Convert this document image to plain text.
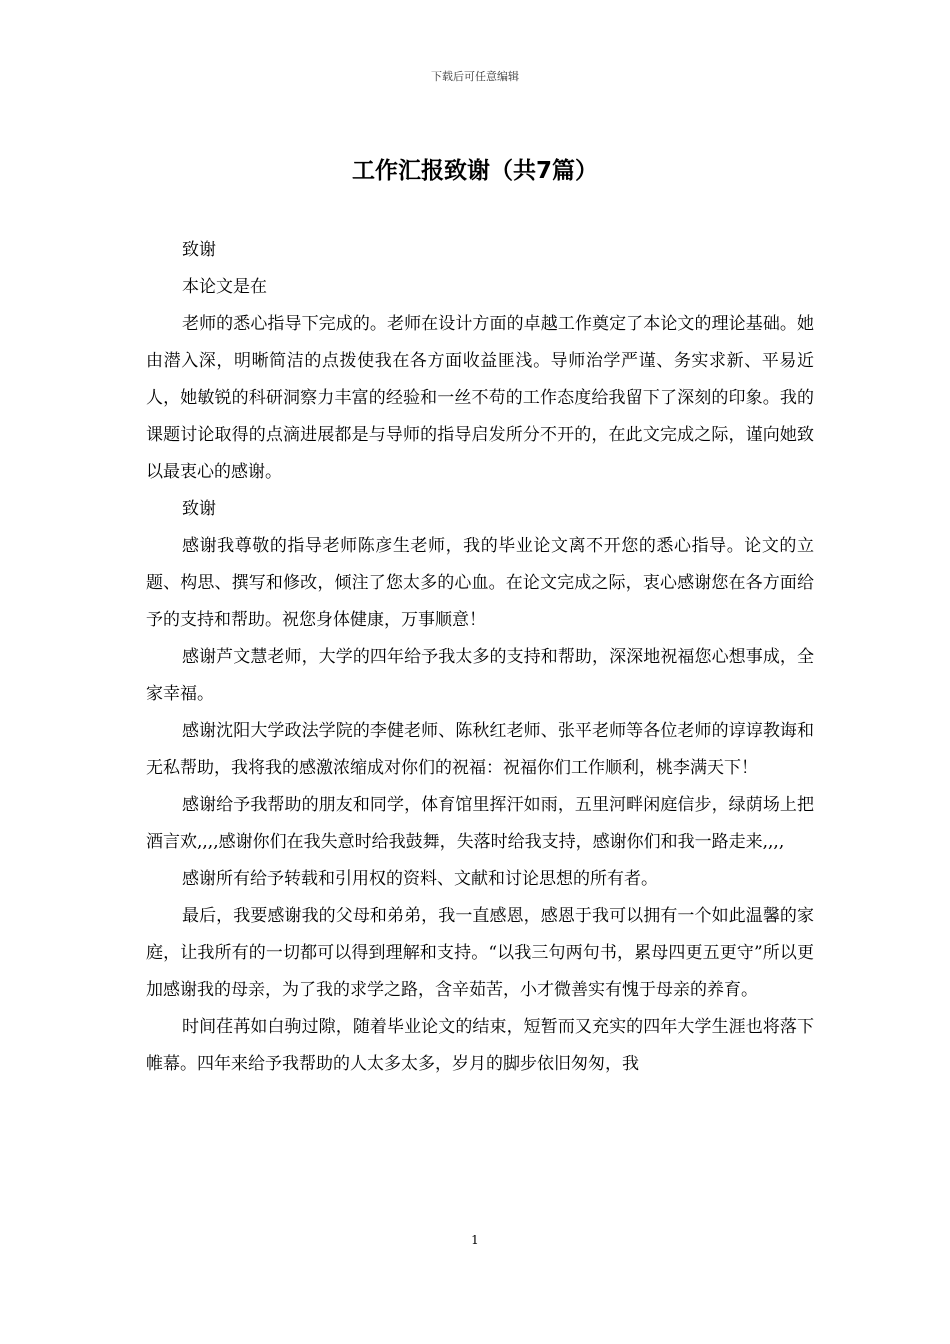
下载后可任意编辑
工作汇报致谢（共7篇）

致谢

本论文是在

老师的悉心指导下完成的。老师在设计方面的卓越工作奠定了本论文的理论基础。她由潜入深，明晰简洁的点拨使我在各方面收益匪浅。导师治学严谨、务实求新、平易近人，她敏锐的科研洞察力丰富的经验和一丝不苟的工作态度给我留下了深刻的印象。我的课题讨论取得的点滴进展都是与导师的指导启发所分不开的，在此文完成之际，谨向她致以最衷心的感谢。

致谢

感谢我尊敬的指导老师陈彦生老师，我的毕业论文离不开您的悉心指导。论文的立题、构思、撰写和修改，倾注了您太多的心血。在论文完成之际，衷心感谢您在各方面给予的支持和帮助。祝您身体健康，万事顺意！

感谢芦文慧老师，大学的四年给予我太多的支持和帮助，深深地祝福您心想事成，全家幸福。

感谢沈阳大学政法学院的李健老师、陈秋红老师、张平老师等各位老师的谆谆教诲和无私帮助，我将我的感激浓缩成对你们的祝福：祝福你们工作顺利，桃李满天下！

感谢给予我帮助的朋友和同学，体育馆里挥汗如雨，五里河畔闲庭信步，绿荫场上把酒言欢,,,,感谢你们在我失意时给我鼓舞，失落时给我支持，感谢你们和我一路走来,,,,

感谢所有给予转载和引用权的资料、文献和讨论思想的所有者。

最后，我要感谢我的父母和弟弟，我一直感恩，感恩于我可以拥有一个如此温馨的家庭，让我所有的一切都可以得到理解和支持。“以我三句两句书，累母四更五更守”所以更加感谢我的母亲，为了我的求学之路，含辛茹苦，小才微善实有愧于母亲的养育。

时间荏苒如白驹过隙，随着毕业论文的结束，短暂而又充实的四年大学生涯也将落下帷幕。四年来给予我帮助的人太多太多，岁月的脚步依旧匆匆，我

1
